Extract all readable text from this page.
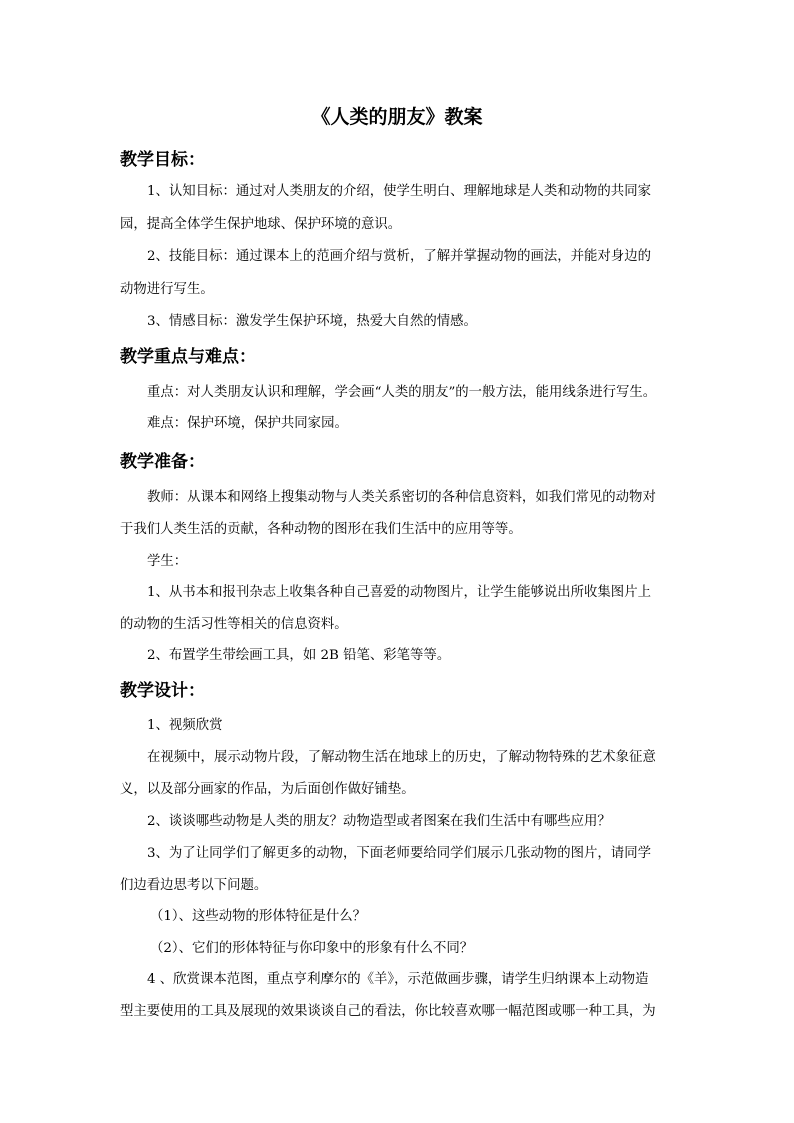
《人类的朋友》教案
教学目标：
1、认知目标：通过对人类朋友的介绍，使学生明白、理解地球是人类和动物的共同家
园，提高全体学生保护地球、保护环境的意识。
2、技能目标：通过课本上的范画介绍与赏析，了解并掌握动物的画法，并能对身边的
动物进行写生。
3、情感目标：激发学生保护环境，热爱大自然的情感。
教学重点与难点：
重点：对人类朋友认识和理解，学会画“人类的朋友”的一般方法，能用线条进行写生。
难点：保护环境，保护共同家园。
教学准备：
教师：从课本和网络上搜集动物与人类关系密切的各种信息资料，如我们常见的动物对
于我们人类生活的贡献，各种动物的图形在我们生活中的应用等等。
学生：
1、从书本和报刊杂志上收集各种自己喜爱的动物图片，让学生能够说出所收集图片上
的动物的生活习性等相关的信息资料。
2、布置学生带绘画工具，如 2B 铅笔、彩笔等等。
教学设计：
1、视频欣赏
在视频中，展示动物片段，了解动物生活在地球上的历史，了解动物特殊的艺术象征意
义，以及部分画家的作品，为后面创作做好铺垫。
2、谈谈哪些动物是人类的朋友？动物造型或者图案在我们生活中有哪些应用？
3、为了让同学们了解更多的动物，下面老师要给同学们展示几张动物的图片，请同学
们边看边思考以下问题。
（1）、这些动物的形体特征是什么？
（2）、它们的形体特征与你印象中的形象有什么不同？
4 、欣赏课本范图，重点亨利摩尔的《羊》，示范做画步骤，请学生归纳课本上动物造
型主要使用的工具及展现的效果谈谈自己的看法，你比较喜欢哪一幅范图或哪一种工具，为
